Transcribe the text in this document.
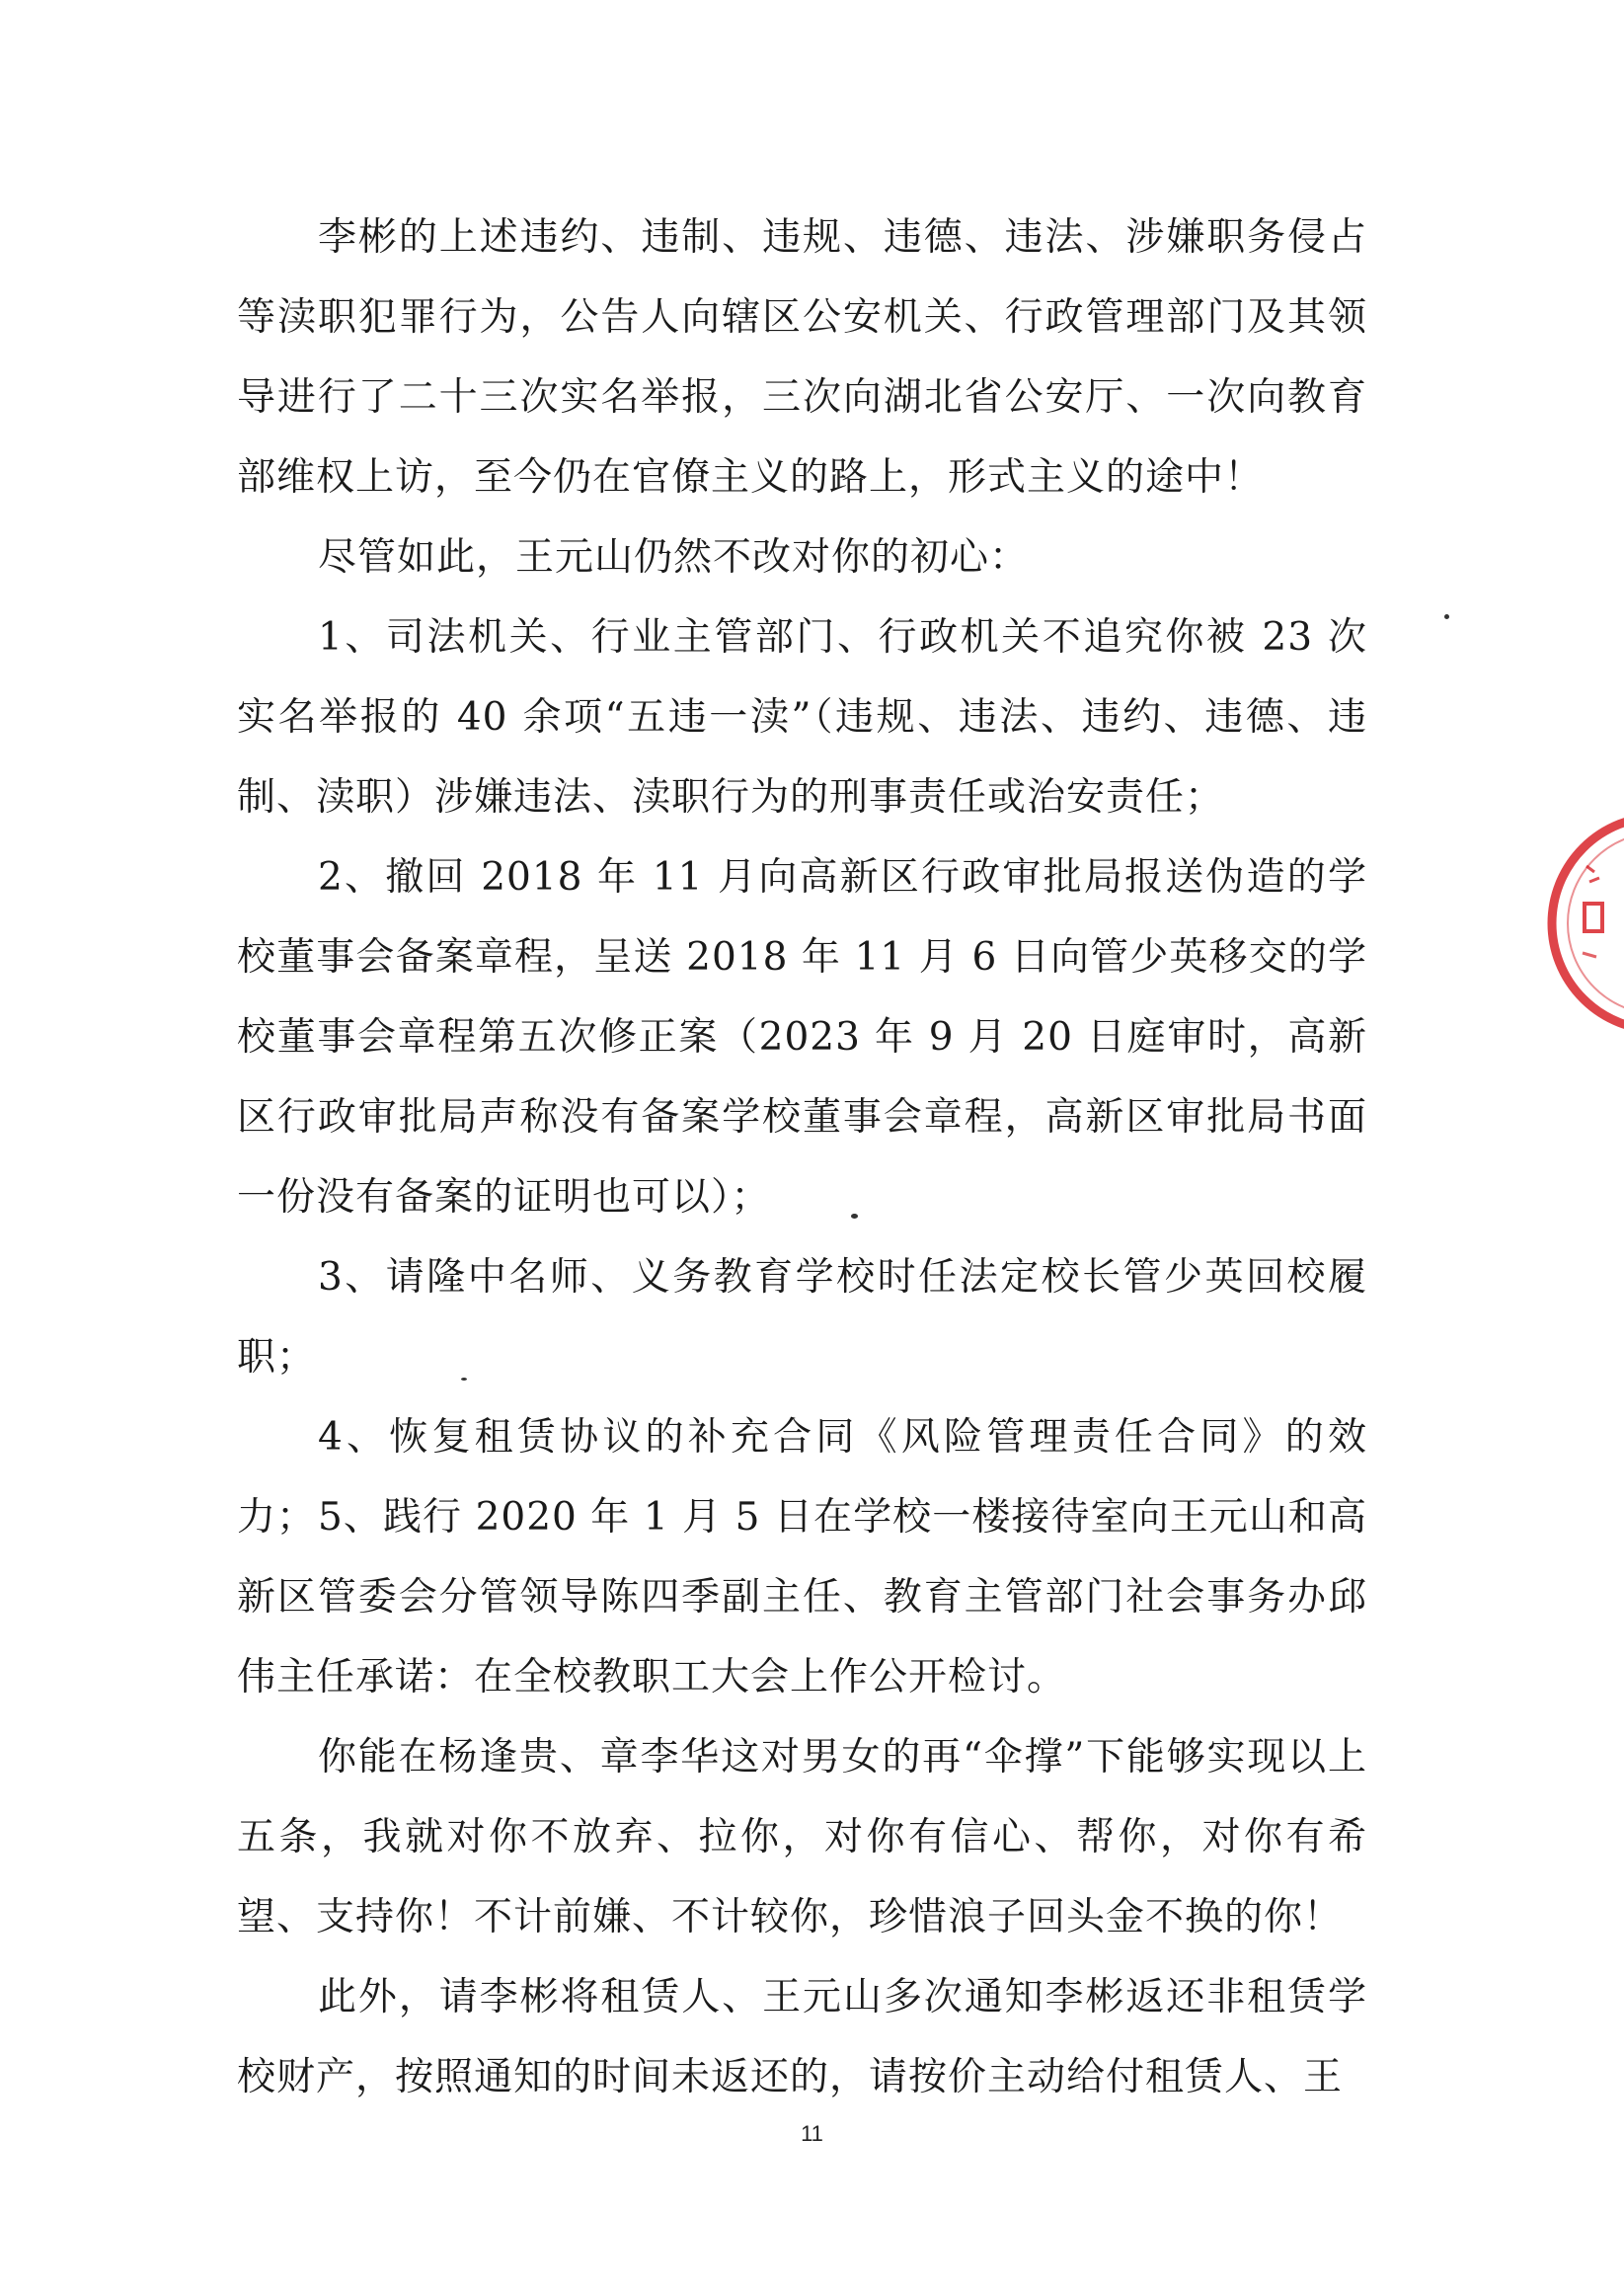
李彬的上述违约、违制、违规、违德、违法、涉嫌职务侵占等渎职犯罪行为，公告人向辖区公安机关、行政管理部门及其领导进行了二十三次实名举报，三次向湖北省公安厅、一次向教育部维权上访，至今仍在官僚主义的路上，形式主义的途中！

尽管如此，王元山仍然不改对你的初心：

1、司法机关、行业主管部门、行政机关不追究你被 23 次实名举报的 40 余项“五违一渎”（违规、违法、违约、违德、违制、渎职）涉嫌违法、渎职行为的刑事责任或治安责任；

2、撤回 2018 年 11 月向高新区行政审批局报送伪造的学校董事会备案章程，呈送 2018 年 11 月 6 日向管少英移交的学校董事会章程第五次修正案（2023 年 9 月 20 日庭审时，高新区行政审批局声称没有备案学校董事会章程，高新区审批局书面一份没有备案的证明也可以）；

3、请隆中名师、义务教育学校时任法定校长管少英回校履职；

4、恢复租赁协议的补充合同《风险管理责任合同》的效力； 5、践行 2020 年 1 月 5 日在学校一楼接待室向王元山和高新区管委会分管领导陈四季副主任、教育主管部门社会事务办邱伟主任承诺：在全校教职工大会上作公开检讨。

你能在杨逢贵、章李华这对男女的再“伞撑”下能够实现以上五条，我就对你不放弃、拉你，对你有信心、帮你，对你有希望、支持你！不计前嫌、不计较你，珍惜浪子回头金不换的你！

此外，请李彬将租赁人、王元山多次通知李彬返还非租赁学校财产，按照通知的时间未返还的，请按价主动给付租赁人、王

11
